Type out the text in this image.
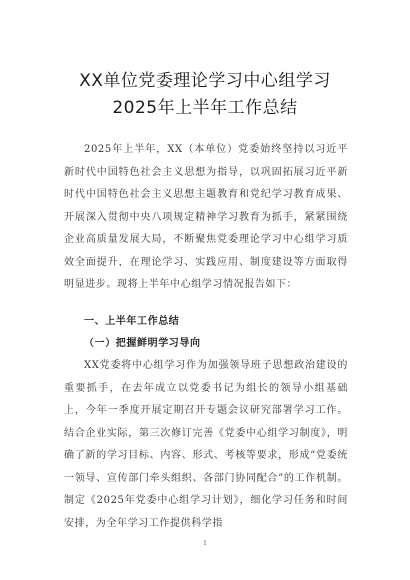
XX单位党委理论学习中心组学习
2025年上半年工作总结
2025年上半年，XX（本单位）党委始终坚持以习近平新时代中国特色社会主义思想为指导，以巩固拓展习近平新时代中国特色社会主义思想主题教育和党纪学习教育成果、开展深入贯彻中央八项规定精神学习教育为抓手，紧紧围绕企业高质量发展大局，不断聚焦党委理论学习中心组学习质效全面提升，在理论学习、实践应用、制度建设等方面取得明显进步。现将上半年中心组学习情况报告如下：
一、上半年工作总结
（一）把握鲜明学习导向
XX党委将中心组学习作为加强领导班子思想政治建设的重要抓手，在去年成立以党委书记为组长的领导小组基础上，今年一季度开展定期召开专题会议研究部署学习工作。结合企业实际，第三次修订完善《党委中心组学习制度》，明确了新的学习目标、内容、形式、考核等要求，形成“党委统一领导、宣传部门牵头组织、各部门协同配合”的工作机制。制定《2025年党委中心组学习计划》，细化学习任务和时间安排，为全年学习工作提供科学指
1
